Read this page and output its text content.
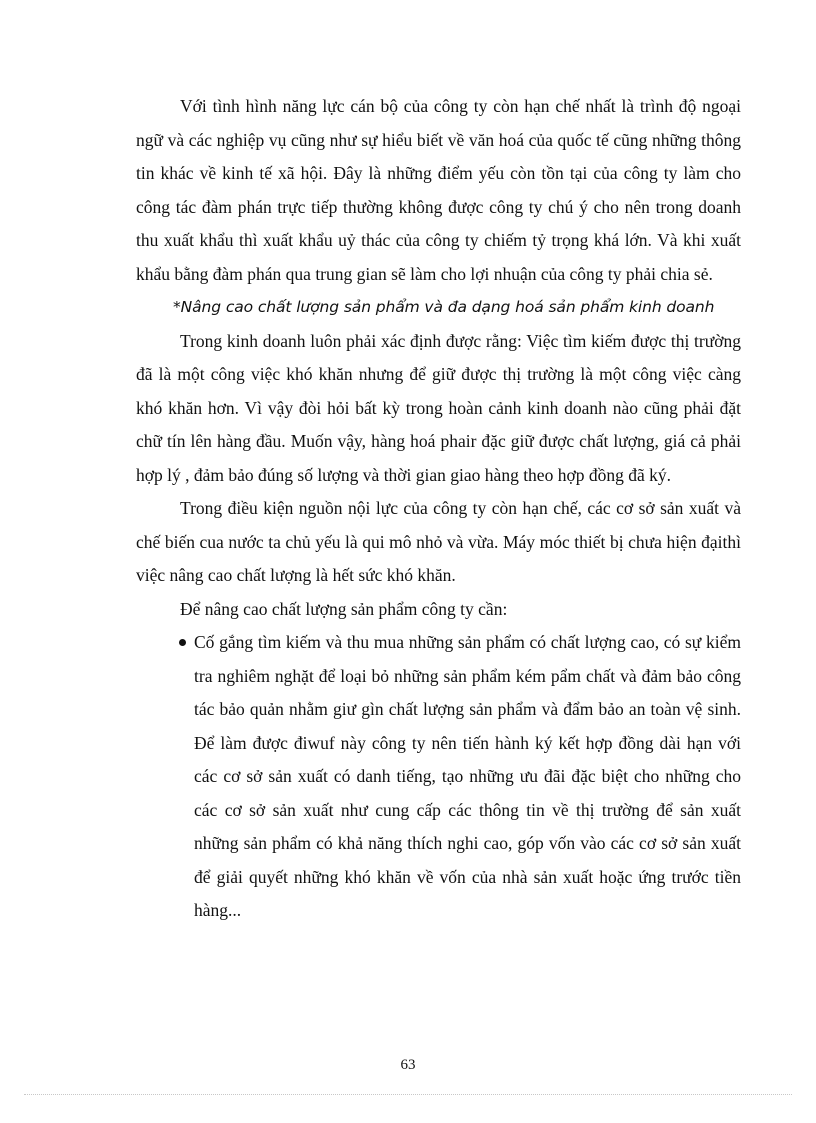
Với tình hình năng lực cán bộ của công ty còn hạn chế nhất là trình độ ngoại ngữ và các nghiệp vụ cũng như sự hiểu biết về văn hoá của quốc tế cũng những thông tin khác về kinh tế xã hội. Đây là những điểm yếu còn tồn tại của công ty làm cho công tác đàm phán trực tiếp thường không được công ty chú ý cho nên trong doanh thu xuất khẩu thì xuất khẩu uỷ thác của công ty chiếm tỷ trọng khá lớn. Và khi xuất khẩu bằng đàm phán qua trung gian sẽ làm cho lợi nhuận của công ty phải chia sẻ.

*Nâng cao chất lượng sản phẩm và đa dạng hoá sản phẩm kinh doanh

Trong kinh doanh luôn phải xác định được rằng: Việc tìm kiếm được thị trường đã là một công việc khó khăn nhưng để giữ được thị trường là một công việc càng khó khăn hơn. Vì vậy đòi hỏi bất kỳ trong hoàn cảnh kinh doanh nào cũng phải đặt chữ tín lên hàng đầu. Muốn vậy, hàng hoá phair đặc giữ được chất lượng, giá cả phải hợp lý , đảm bảo đúng số lượng và thời gian giao hàng theo hợp đồng đã ký.

Trong điều kiện nguồn nội lực của công ty còn hạn chế, các cơ sở sản xuất và chế biến cua nước ta chủ yếu là qui mô nhỏ và vừa. Máy móc thiết bị chưa hiện đạithì việc nâng cao chất lượng là hết sức khó khăn.

Để nâng cao chất lượng sản phẩm công ty cần:

Cố gắng tìm kiếm và thu mua những sản phẩm có chất lượng cao, có sự kiểm tra nghiêm nghặt để loại bỏ những sản phẩm kém pẩm chất và đảm bảo công tác bảo quản nhằm giư gìn chất lượng sản phẩm và đẩm bảo an toàn vệ sinh. Để làm được điwuf này công ty nên tiến hành ký kết hợp đồng dài hạn với các cơ sở sản xuất có danh tiếng, tạo những ưu đãi đặc biệt cho những cho các cơ sở sản xuất như cung cấp các thông tin về thị trường để sản xuất những sản phẩm có khả năng thích nghi cao, góp vốn vào các cơ sở sản xuất để giải quyết những khó khăn về vốn của nhà sản xuất hoặc ứng trước tiền hàng...

63
